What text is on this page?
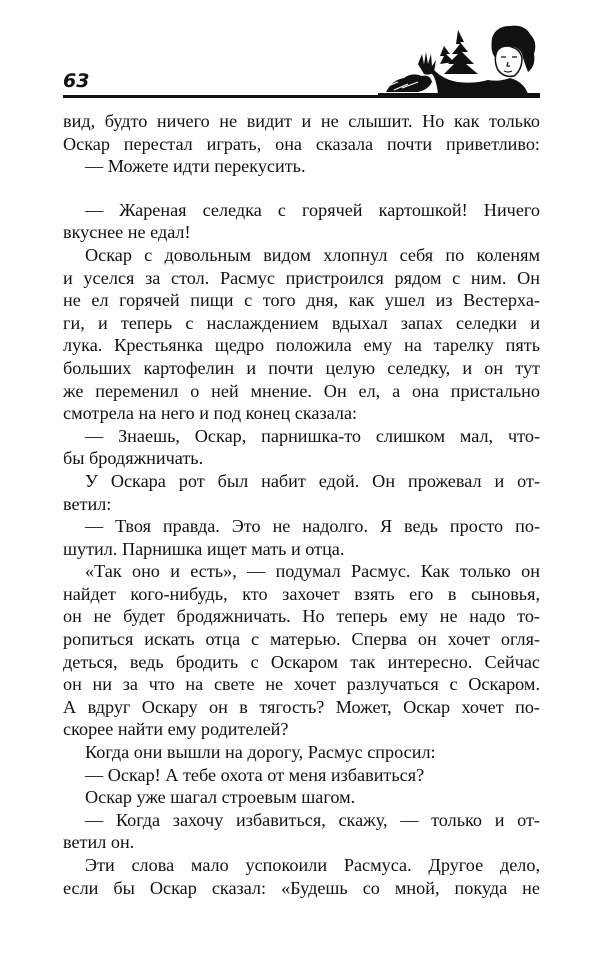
63
вид, будто ничего не видит и не слышит. Но как только
Оскар перестал играть, она сказала почти приветливо:
— Можете идти перекусить.
— Жареная селедка с горячей картошкой! Ничего
вкуснее не едал!
Оскар с довольным видом хлопнул себя по коленям
и уселся за стол. Расмус пристроился рядом с ним. Он
не ел горячей пищи с того дня, как ушел из Вестерха-
ги, и теперь с наслаждением вдыхал запах селедки и
лука. Крестьянка щедро положила ему на тарелку пять
больших картофелин и почти целую селедку, и он тут
же переменил о ней мнение. Он ел, а она пристально
смотрела на него и под конец сказала:
— Знаешь, Оскар, парнишка-то слишком мал, что-
бы бродяжничать.
У Оскара рот был набит едой. Он прожевал и от-
ветил:
— Твоя правда. Это не надолго. Я ведь просто по-
шутил. Парнишка ищет мать и отца.
«Так оно и есть», — подумал Расмус. Как только он
найдет кого-нибудь, кто захочет взять его в сыновья,
он не будет бродяжничать. Но теперь ему не надо то-
ропиться искать отца с матерью. Сперва он хочет огля-
деться, ведь бродить с Оскаром так интересно. Сейчас
он ни за что на свете не хочет разлучаться с Оскаром.
А вдруг Оскару он в тягость? Может, Оскар хочет по-
скорее найти ему родителей?
Когда они вышли на дорогу, Расмус спросил:
— Оскар! А тебе охота от меня избавиться?
Оскар уже шагал строевым шагом.
— Когда захочу избавиться, скажу, — только и от-
ветил он.
Эти слова мало успокоили Расмуса. Другое дело,
если бы Оскар сказал: «Будешь со мной, покуда не
